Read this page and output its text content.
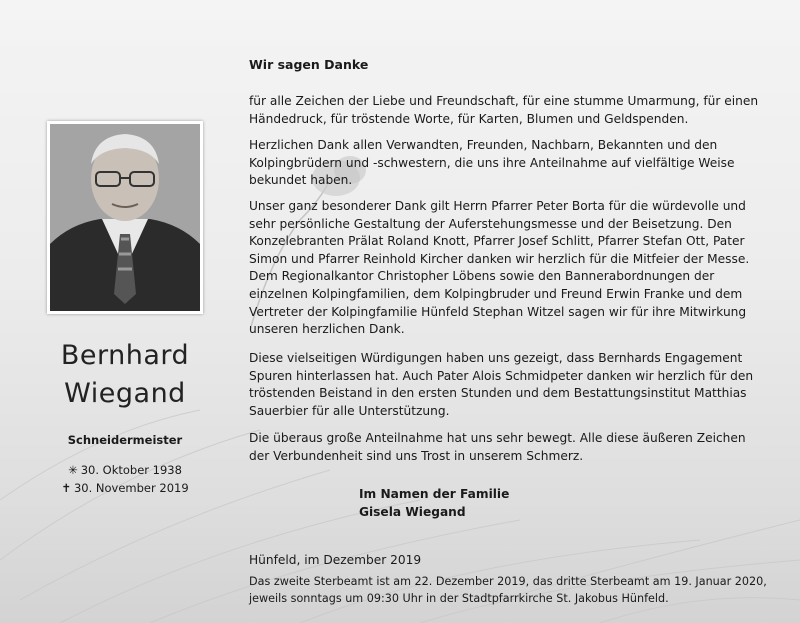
Bernhard
Wiegand
Schneidermeister
✳ 30. Oktober 1938
✝ 30. November 2019
Wir sagen Danke
für alle Zeichen der Liebe und Freundschaft, für eine stumme Umarmung, für einen Händedruck, für tröstende Worte, für Karten, Blumen und Geldspenden.
Herzlichen Dank allen Verwandten, Freunden, Nachbarn, Bekannten und den Kolpingbrüdern und -schwestern, die uns ihre Anteilnahme auf vielfältige Weise bekundet haben.
Unser ganz besonderer Dank gilt Herrn Pfarrer Peter Borta für die würdevolle und sehr persönliche Gestaltung der Auferstehungsmesse und der Beisetzung. Den Konzelebranten Prälat Roland Knott, Pfarrer Josef Schlitt, Pfarrer Stefan Ott, Pater Simon und Pfarrer Reinhold Kircher danken wir herzlich für die Mitfeier der Messe. Dem Regionalkantor Christopher Löbens sowie den Bannerabordnungen der einzelnen Kolpingfamilien, dem Kolpingbruder und Freund Erwin Franke und dem Vertreter der Kolpingfamilie Hünfeld Stephan Witzel sagen wir für ihre Mitwirkung unseren herzlichen Dank.
Diese vielseitigen Würdigungen haben uns gezeigt, dass Bernhards Engagement Spuren hinterlassen hat. Auch Pater Alois Schmidpeter danken wir herzlich für den tröstenden Beistand in den ersten Stunden und dem Bestattungsinstitut Matthias Sauerbier für alle Unterstützung.
Die überaus große Anteilnahme hat uns sehr bewegt. Alle diese äußeren Zeichen der Verbundenheit sind uns Trost in unserem Schmerz.
Im Namen der Familie
Gisela Wiegand
Hünfeld, im Dezember 2019
Das zweite Sterbeamt ist am 22. Dezember 2019, das dritte Sterbeamt am 19. Januar 2020, jeweils sonntags um 09:30 Uhr in der Stadtpfarrkirche St. Jakobus Hünfeld.
